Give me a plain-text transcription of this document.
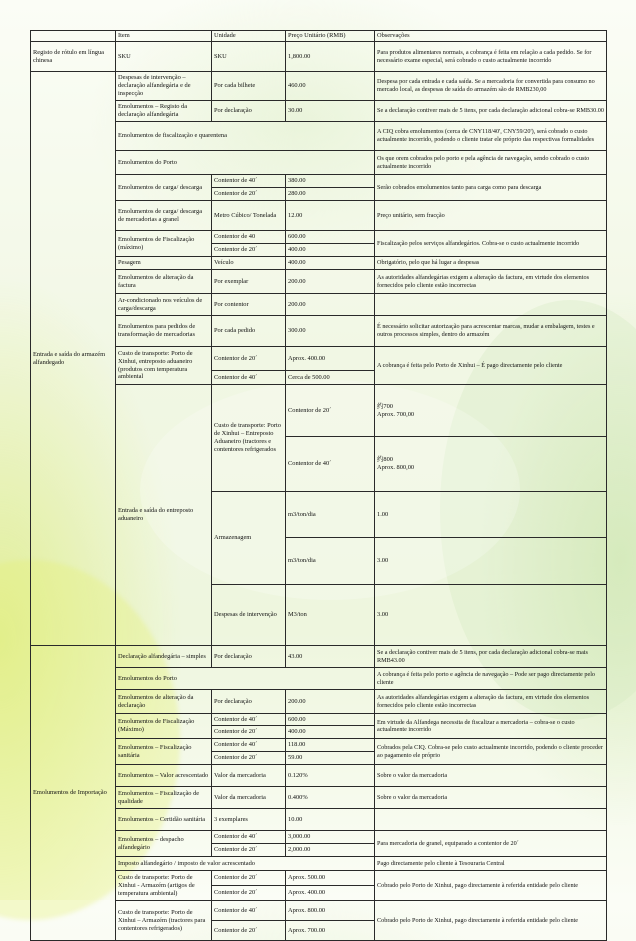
	Item	Unidade	Preço Unitário (RMB)	Observações	
Registo de rótulo em língua chinesa	SKU	SKU	1,800.00	Para produtos alimentares normais, a cobrança é feita em relação a cada pedido. Se for necessário exame especial, será cobrado o custo actualmente incorrido	
Entrada e saída do armazém alfandegado	Despesas de intervenção – declaração alfandegária e de inspecção	Por cada bilhete	460.00	Despesa por cada entrada e cada saída. Se a mercadoria for convertida para consumo no mercado local, as despesas de saída do armazém são de RMB230,00	
	Emolumentos – Registo da declaração alfandegária	Por declaração	30.00	Se a declaração contiver mais de 5 itens, por cada declaração adicional cobra-se RMB30.00	
	Emolumentos de fiscalização e quarentena			A CIQ cobra emolumentos (cerca de CNY118/40', CNY59/20'), será cobrado o custo actualmente incorrido, podendo o cliente tratar ele próprio das respectivas formalidades	
	Emolumentos do Porto			Os que orem cobrados pelo porto e pela agência de navegação, sendo cobrado o custo actualmente incorrido	
	Emolumentos de carga/ descarga	Contentor de 40´	380.00	Serão cobrados emolumentos tanto para carga como para descarga	
		Contentor de 20´	280.00		
	Emolumentos de carga/ descarga de mercadorias a granel	Metro Cúbico/ Tonelada	12.00	Preço unitário, sem fracção	
	Emolumentos de Fiscalização (máximo)	Contentor de 40	600.00	Fiscalização pelos serviços alfandegários. Cobra-se o custo actualmente incorrido	
		Contentor de 20´	400.00		
	Pesagem	Veículo	400.00	Obrigatório, pelo que há lugar a despesas	
	Emolumentos de alteração da factura	Por exemplar	200.00	As autoridades alfandegárias exigem a alteração da factura, em virtude dos elementos fornecidos pelo cliente estão incorrectas	
	Ar-condicionado nos veículos de carga/descarga	Por contentor	200.00		
	Emolumentos para pedidos de transformação de mercadorias	Por cada pedido	300.00	É necessário solicitar autorização para acrescentar marcas, mudar a embalagem, testes e outros processos simples, dentro do armazém	
	Custo de transporte: Porto de Xinhui, entreposto aduaneiro (produtos com temperatura ambiental	Contentor de 20´	Aprox. 400.00	A cobrança é feita pelo Porto de Xinhui – É pago directamente pelo cliente	
		Contentor de 40´	Cerca de 500.00		
	Entrada e saída do entreposto aduaneiro	Custo de transporte: Porto de Xinhui – Entreposto Aduaneiro (tractores e contentores refrigerados	Contentor de 20´	约700
Aprox. 700,00	
			Contentor de 40´	约800
Aprox. 800,00	
		Armazenagem	m3/ton/dia	1.00	
			m3/ton/dia	3.00	
		Despesas de intervenção	M3/ton	3.00	
Emolumentos de Importação	Declaração alfandegária – simples	Por declaração	43.00	Se a declaração contiver mais de 5 itens, por cada declaração adicional cobra-se mais RMB43.00	
	Emolumentos do Porto			A cobrança é feita pelo porto e agência de navegação – Pode ser pago directamente pelo cliente	
	Emolumentos de alteração da declaração	Por declaração	200.00	As autoridades alfandegárias exigem a alteração da factura, em virtude dos elementos fornecidos pelo cliente estão incorrectas	
	Emolumentos de Fiscalização (Máximo)	Contentor de 40´	600.00	Em virtude da Alfandega necessita de fiscalizar a mercadoria – cobra-se o custo actualmente incorrido	
		Contentor de 20´	400.00		
	Emolumentos – Fiscalização sanitária	Contentor de 40´	118.00	Cobrados pela CIQ. Cobra-se pelo custo actualmente incorrido, podendo o cliente proceder ao pagamento ele próprio	
		Contentor de 20´	59.00		
	Emolumentos – Valor acrescentado	Valor da mercadoria	0.120%	Sobre o valor da mercadoria	
	Emolumentos – Fiscalização de qualidade	Valor da mercadoria	0.400%	Sobre o valor da mercadoria	
	Emolumentos – Certidão sanitária	3 exemplares	10.00		
	Emolumentos – despacho alfandegário	Contentor de 40´	3,000.00	Para mercadoria de granel, equiparado a contentor de 20´	
		Contentor de 20´	2,000.00		
	Imposto alfandegário / imposto de valor acrescentado			Pago directamente pelo cliente à Tesouraria Central	
	Custo de transporte: Porto de Xinhui - Armazém (artigos de temperatura ambiental)	Contentor de 20´	Aprox. 500.00	Cobrado pelo Porto de Xinhui, pago directamente à referida entidade pelo cliente	
		Contentor de 20´	Aprox. 400.00		
	Custo de transporte: Porto de Xinhui – Armazém (tractores para contentores refrigerados)	Contentor de 40´	Aprox. 800.00	Cobrado pelo Porto de Xinhui, pago directamente à referida entidade pelo cliente	
		Contentor de 20´	Aprox. 700.00		
